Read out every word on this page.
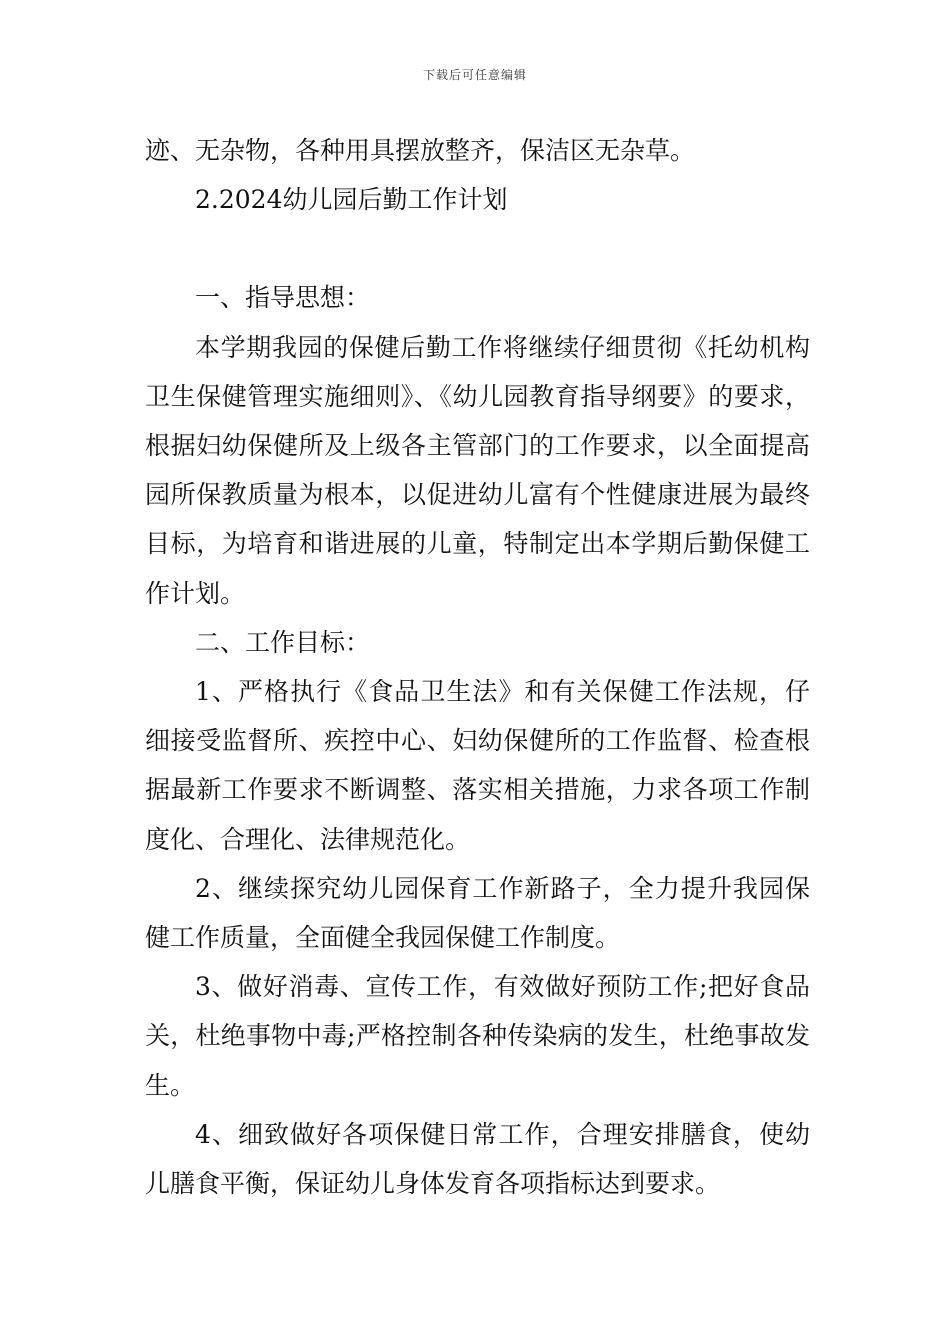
下载后可任意编辑

迹、无杂物，各种用具摆放整齐，保洁区无杂草。

2.2024幼儿园后勤工作计划

一、指导思想：

本学期我园的保健后勤工作将继续仔细贯彻《托幼机构卫生保健管理实施细则》、《幼儿园教育指导纲要》的要求，根据妇幼保健所及上级各主管部门的工作要求，以全面提高园所保教质量为根本，以促进幼儿富有个性健康进展为最终目标，为培育和谐进展的儿童，特制定出本学期后勤保健工作计划。

二、工作目标：

1、严格执行《食品卫生法》和有关保健工作法规，仔细接受监督所、疾控中心、妇幼保健所的工作监督、检查根据最新工作要求不断调整、落实相关措施，力求各项工作制度化、合理化、法律规范化。

2、继续探究幼儿园保育工作新路子，全力提升我园保健工作质量，全面健全我园保健工作制度。

3、做好消毒、宣传工作，有效做好预防工作;把好食品关，杜绝事物中毒;严格控制各种传染病的发生，杜绝事故发生。

4、细致做好各项保健日常工作，合理安排膳食，使幼儿膳食平衡，保证幼儿身体发育各项指标达到要求。
